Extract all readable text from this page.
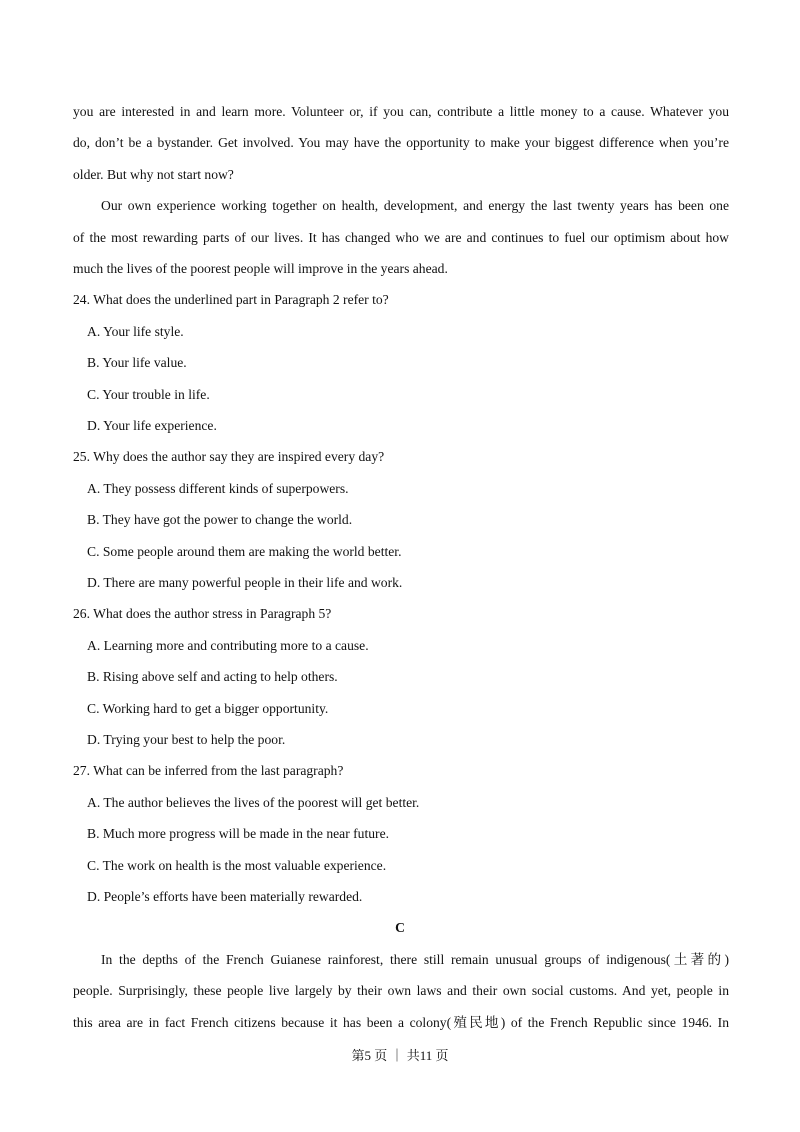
you are interested in and learn more. Volunteer or, if you can, contribute a little money to a cause. Whatever you
do, don’t be a bystander. Get involved. You may have the opportunity to make your biggest difference when you’re
older. But why not start now?
Our own experience working together on health, development, and energy the last twenty years has been one
of the most rewarding parts of our lives. It has changed who we are and continues to fuel our optimism about how
much the lives of the poorest people will improve in the years ahead.
24. What does the underlined part in Paragraph 2 refer to?
A. Your life style.
B. Your life value.
C. Your trouble in life.
D. Your life experience.
25. Why does the author say they are inspired every day?
A. They possess different kinds of superpowers.
B. They have got the power to change the world.
C. Some people around them are making the world better.
D. There are many powerful people in their life and work.
26. What does the author stress in Paragraph 5?
A. Learning more and contributing more to a cause.
B. Rising above self and acting to help others.
C. Working hard to get a bigger opportunity.
D. Trying your best to help the poor.
27. What can be inferred from the last paragraph?
A. The author believes the lives of the poorest will get better.
B. Much more progress will be made in the near future.
C. The work on health is the most valuable experience.
D. People’s efforts have been materially rewarded.
C
In the depths of the French Guianese rainforest, there still remain unusual groups of indigenous(土著的)
people. Surprisingly, these people live largely by their own laws and their own social customs. And yet, people in
this area are in fact French citizens because it has been a colony(殖民地) of the French Republic since 1946. In
第5 页 ｜ 共11 页
